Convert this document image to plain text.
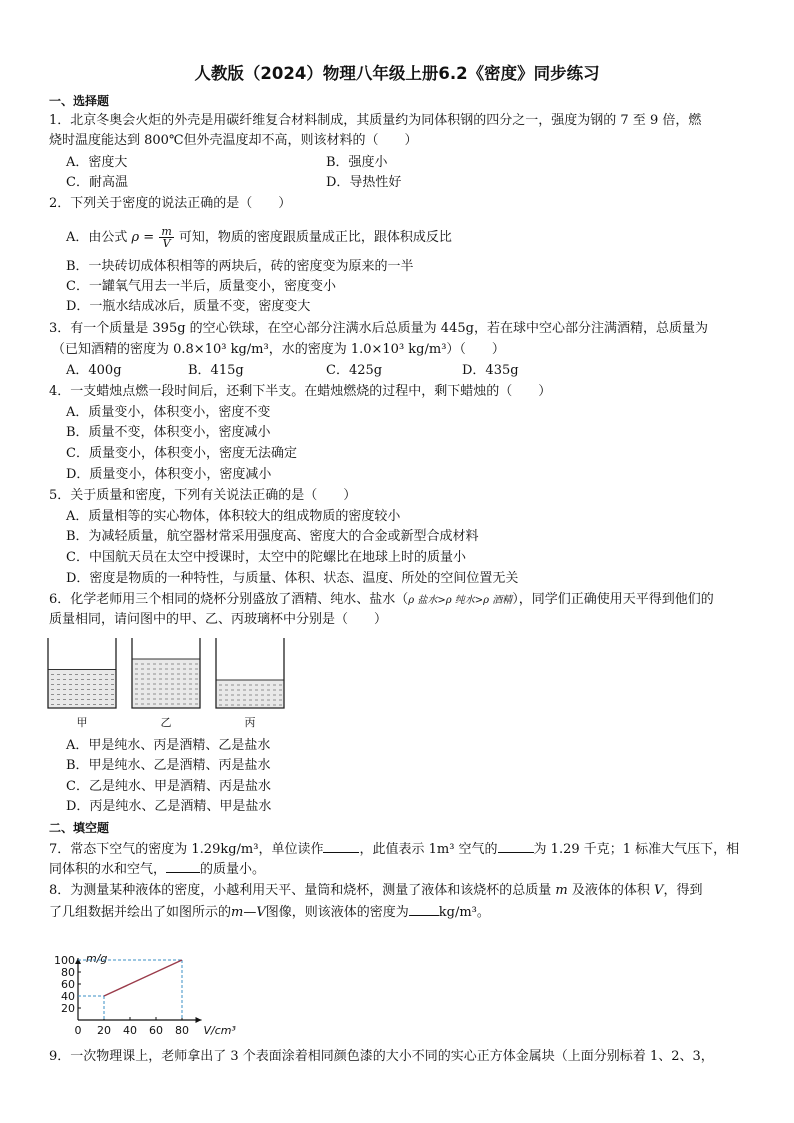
人教版（2024）物理八年级上册6.2《密度》同步练习
一、选择题
1．北京冬奥会火炬的外壳是用碳纤维复合材料制成，其质量约为同体积钢的四分之一，强度为钢的 7 至 9 倍，燃
烧时温度能达到 800℃但外壳温度却不高，则该材料的（　　）
A．密度大	B．强度小
C．耐高温	D．导热性好
2．下列关于密度的说法正确的是（　　）
A．由公式 $\rho = \frac{m}{V}$ 可知，物质的密度跟质量成正比，跟体积成反比
B．一块砖切成体积相等的两块后，砖的密度变为原来的一半
C．一罐氧气用去一半后，质量变小，密度变小
D．一瓶水结成冰后，质量不变，密度变大
3．有一个质量是 395g 的空心铁球，在空心部分注满水后总质量为 445g，若在球中空心部分注满酒精，总质量为
（已知酒精的密度为 0.8×10³ kg/m³，水的密度为 1.0×10³ kg/m³）（　　）
A．400g	B．415g	C．425g	D．435g
4．一支蜡烛点燃一段时间后，还剩下半支。在蜡烛燃烧的过程中，剩下蜡烛的（　　）
A．质量变小，体积变小，密度不变
B．质量不变，体积变小，密度减小
C．质量变小，体积变小，密度无法确定
D．质量变小，体积变小，密度减小
5．关于质量和密度，下列有关说法正确的是（　　）
A．质量相等的实心物体，体积较大的组成物质的密度较小
B．为减轻质量，航空器材常采用强度高、密度大的合金或新型合成材料
C．中国航天员在太空中授课时，太空中的陀螺比在地球上时的质量小
D．密度是物质的一种特性，与质量、体积、状态、温度、所处的空间位置无关
6．化学老师用三个相同的烧杯分别盛放了酒精、纯水、盐水（ρ 盐水>ρ 纯水>ρ 酒精），同学们正确使用天平得到他们的
质量相同，请问图中的甲、乙、丙玻璃杯中分别是（　　）
甲	乙	丙
A．甲是纯水、丙是酒精、乙是盐水
B．甲是纯水、乙是酒精、丙是盐水
C．乙是纯水、甲是酒精、丙是盐水
D．丙是纯水、乙是酒精、甲是盐水
二、填空题
7．常态下空气的密度为 1.29kg/m³，单位读作	，此值表示 1m³ 空气的	为 1.29 千克；1 标准大气压下，相
同体积的水和空气，	的质量小。
8．为测量某种液体的密度，小越利用天平、量筒和烧杯，测量了液体和该烧杯的总质量 m 及液体的体积 V，得到
了几组数据并绘出了如图所示的m—V图像，则该液体的密度为 kg/m³。
20
40
60
80
100
0 20 40 60 80
m/g
V/cm³
9．一次物理课上，老师拿出了 3 个表面涂着相同颜色漆的大小不同的实心正方体金属块（上面分别标着 1、2、3，
